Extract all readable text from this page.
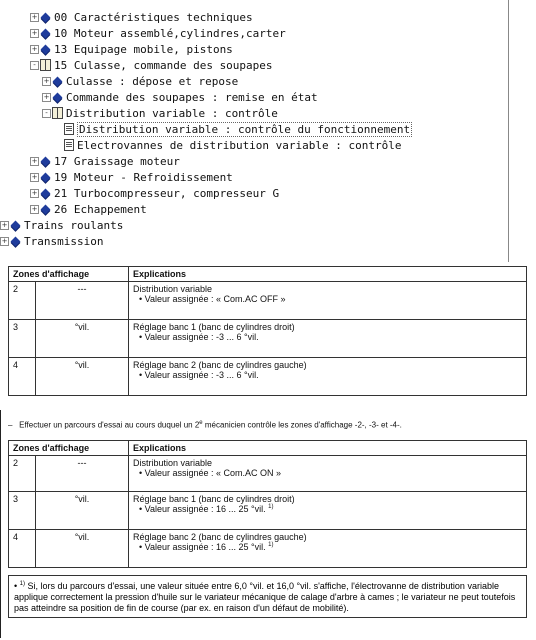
+ 00 Caractéristiques techniques
+ 10 Moteur assemblé,cylindres,carter
+ 13 Equipage mobile, pistons
- 15 Culasse, commande des soupapes
+ Culasse : dépose et repose
+ Commande des soupapes : remise en état
- Distribution variable : contrôle
Distribution variable : contrôle du fonctionnement
Electrovannes de distribution variable : contrôle
+ 17 Graissage moteur
+ 19 Moteur - Refroidissement
+ 21 Turbocompresseur, compresseur G
+ 26 Echappement
+ Trains roulants
+ Transmission
Zones d'affichage		Explications
2	---	Distribution variable
• Valeur assignée : « Com.AC OFF »

3	°vil.	Réglage banc 1 (banc de cylindres droit)
• Valeur assignée : -3 ... 6 °vil.

4	°vil.	Réglage banc 2 (banc de cylindres gauche)
• Valeur assignée : -3 ... 6 °vil.
– Effectuer un parcours d'essai au cours duquel un 2e mécanicien contrôle les zones d'affichage -2-, -3- et -4-.
Zones d'affichage		Explications
2	---	Distribution variable
• Valeur assignée : « Com.AC ON »

3	°vil.	Réglage banc 1 (banc de cylindres droit)
• Valeur assignée : 16 ... 25 °vil. $^{1)}$

4	°vil.	Réglage banc 2 (banc de cylindres gauche)
• Valeur assignée : 16 ... 25 °vil. $^{1)}$
• $^{1)}$ Si, lors du parcours d'essai, une valeur située entre 6,0 °vil. et 16,0 °vil. s'affiche, l'électrovanne de distribution variable applique correctement la pression d'huile sur le variateur mécanique de calage d'arbre à cames ; le variateur ne peut toutefois pas atteindre sa position de fin de course (par ex. en raison d'un défaut de mobilité).
